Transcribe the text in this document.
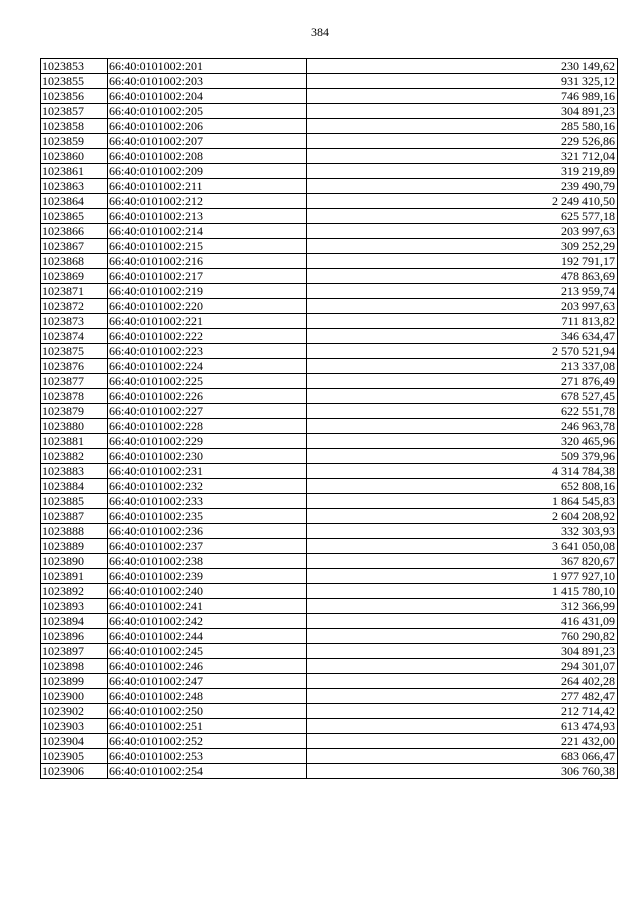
384
1023853	66:40:0101002:201	230 149,62
1023855	66:40:0101002:203	931 325,12
1023856	66:40:0101002:204	746 989,16
1023857	66:40:0101002:205	304 891,23
1023858	66:40:0101002:206	285 580,16
1023859	66:40:0101002:207	229 526,86
1023860	66:40:0101002:208	321 712,04
1023861	66:40:0101002:209	319 219,89
1023863	66:40:0101002:211	239 490,79
1023864	66:40:0101002:212	2 249 410,50
1023865	66:40:0101002:213	625 577,18
1023866	66:40:0101002:214	203 997,63
1023867	66:40:0101002:215	309 252,29
1023868	66:40:0101002:216	192 791,17
1023869	66:40:0101002:217	478 863,69
1023871	66:40:0101002:219	213 959,74
1023872	66:40:0101002:220	203 997,63
1023873	66:40:0101002:221	711 813,82
1023874	66:40:0101002:222	346 634,47
1023875	66:40:0101002:223	2 570 521,94
1023876	66:40:0101002:224	213 337,08
1023877	66:40:0101002:225	271 876,49
1023878	66:40:0101002:226	678 527,45
1023879	66:40:0101002:227	622 551,78
1023880	66:40:0101002:228	246 963,78
1023881	66:40:0101002:229	320 465,96
1023882	66:40:0101002:230	509 379,96
1023883	66:40:0101002:231	4 314 784,38
1023884	66:40:0101002:232	652 808,16
1023885	66:40:0101002:233	1 864 545,83
1023887	66:40:0101002:235	2 604 208,92
1023888	66:40:0101002:236	332 303,93
1023889	66:40:0101002:237	3 641 050,08
1023890	66:40:0101002:238	367 820,67
1023891	66:40:0101002:239	1 977 927,10
1023892	66:40:0101002:240	1 415 780,10
1023893	66:40:0101002:241	312 366,99
1023894	66:40:0101002:242	416 431,09
1023896	66:40:0101002:244	760 290,82
1023897	66:40:0101002:245	304 891,23
1023898	66:40:0101002:246	294 301,07
1023899	66:40:0101002:247	264 402,28
1023900	66:40:0101002:248	277 482,47
1023902	66:40:0101002:250	212 714,42
1023903	66:40:0101002:251	613 474,93
1023904	66:40:0101002:252	221 432,00
1023905	66:40:0101002:253	683 066,47
1023906	66:40:0101002:254	306 760,38
